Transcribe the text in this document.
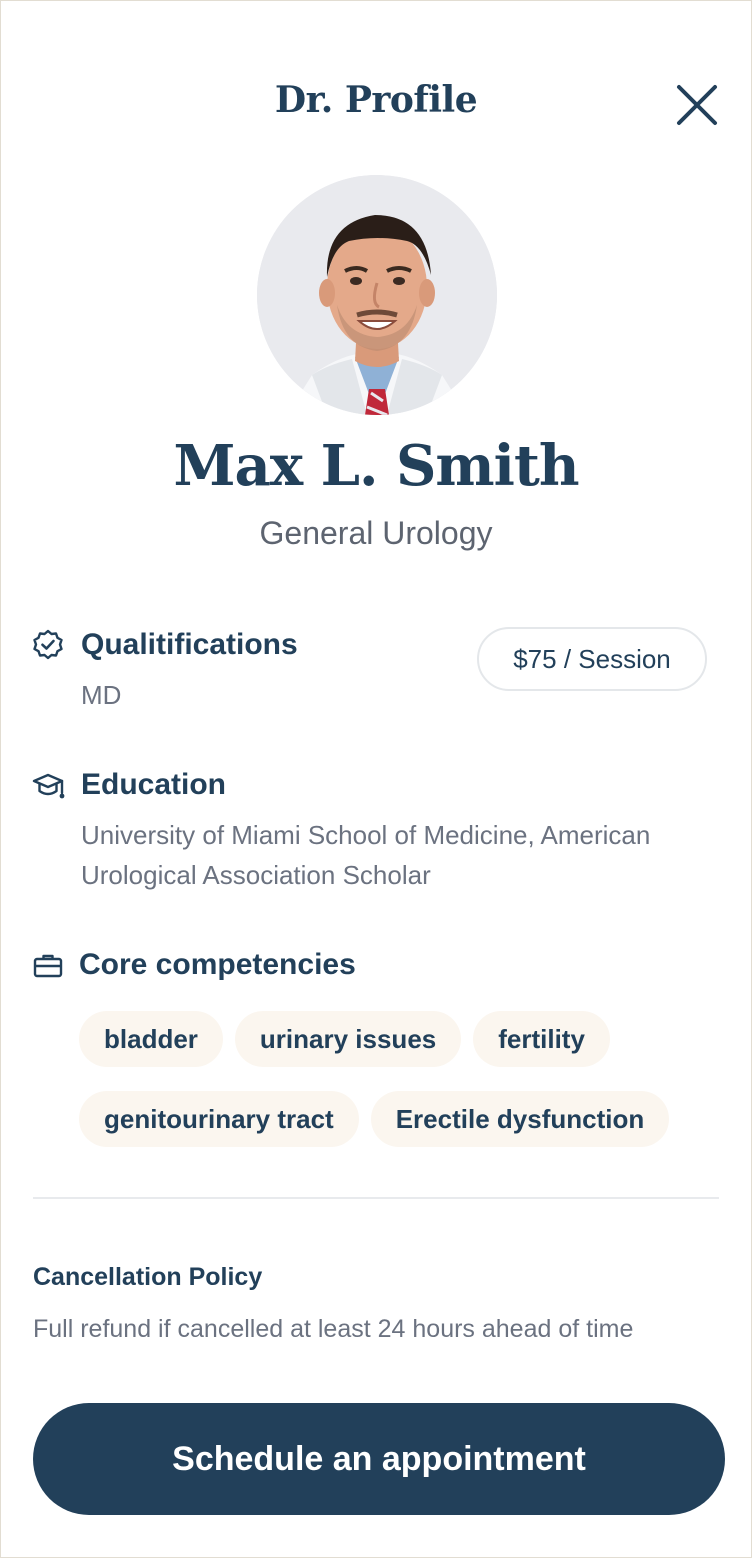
Dr. Profile
Max L. Smith
General Urology
Qualitifications
MD
$75 / Session
Education
University of Miami School of Medicine, American
Urological Association Scholar
Core competencies
bladder	urinary issues	fertility
genitourinary tract	Erectile dysfunction
Cancellation Policy
Full refund if cancelled at least 24 hours ahead of time
Schedule an appointment
